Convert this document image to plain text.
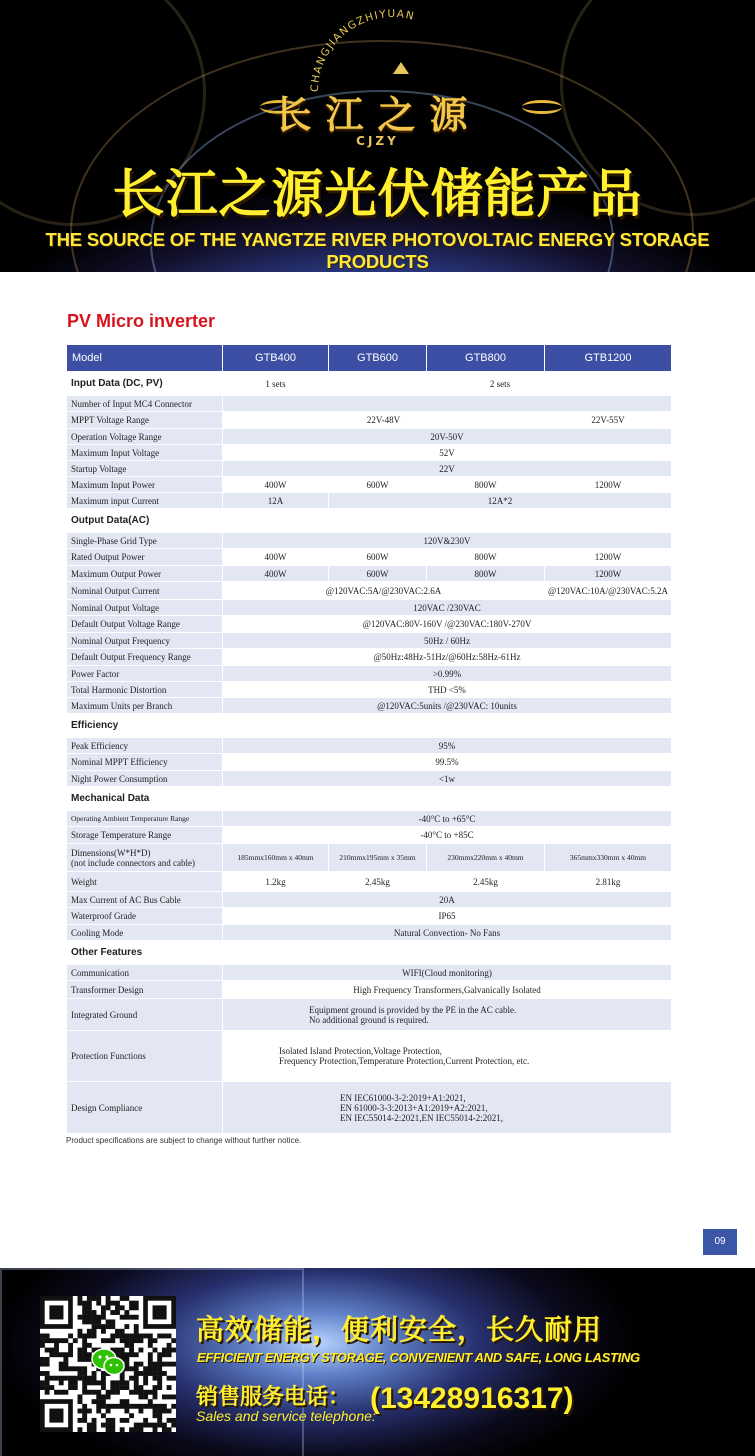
CHANGJIANGZHIYUAN
长江之源
CJZY
长江之源光伏储能产品
THE SOURCE OF THE YANGTZE RIVER PHOTOVOLTAIC ENERGY STORAGE PRODUCTS
PV Micro inverter
Model	GTB400	GTB600	GTB800	GTB1200
Input Data (DC, PV)	1 sets	2 sets		
Number of Input MC4 Connector				
MPPT Voltage Range	22V-48V			22V-55V
Operation Voltage Range	20V-50V			
Maximum Input Voltage	52V			
Startup Voltage	22V			
Maximum Input Power	400W	600W	800W	1200W
Maximum input Current	12A	12A*2		
Output Data(AC)				
Single-Phase Grid Type	120V&230V			
Rated Output Power	400W	600W	800W	1200W
Maximum Output Power	400W	600W	800W	1200W
Nominal Output Current	@120VAC:5A/@230VAC:2.6A			@120VAC:10A/@230VAC:5.2A
Nominal Output Voltage	120VAC /230VAC			
Default Output Voltage Range	@120VAC:80V-160V /@230VAC:180V-270V			
Nominal Output Frequency	50Hz / 60Hz			
Default Output Frequency Range	@50Hz:48Hz-51Hz/@60Hz:58Hz-61Hz			
Power Factor	>0.99%			
Total Harmonic Distortion	THD <5%			
Maximum Units per Branch	@120VAC:5units /@230VAC: 10units			
Efficiency				
Peak Efficiency	95%			
Nominal MPPT Efficiency	99.5%			
Night Power Consumption	<1w			
Mechanical Data				
Operating Ambient Temperature Range	-40°C to +65°C			
Storage Temperature Range	-40°C to +85C			
Dimensions(W*H*D)
(not include connectors and cable)	185mmx160mm x 40mm	210mmx195mm x 35mm	230mmx220mm x 40mm	365mmx330mm x 40mm
Weight	1.2kg	2.45kg	2.45kg	2.81kg
Max Current of AC Bus Cable	20A			
Waterproof Grade	IP65			
Cooling Mode	Natural Convection- No Fans			
Other Features				
Communication	WIFI(Cloud monitoring)			
Transformer Design	High Frequency Transformers,Galvanically Isolated			
Integrated Ground	Equipment ground is provided by the PE in the AC cable.
No additional ground is required.			
Protection Functions	Isolated Island Protection,Voltage Protection,
Frequency Protection,Temperature Protection,Current Protection, etc.			
Design Compliance	EN IEC61000-3-2:2019+A1:2021,
EN 61000-3-3:2013+A1:2019+A2:2021,
EN IEC55014-2:2021,EN IEC55014-2:2021,			
Product specifications are subject to change without further notice.
09
高效储能，便利安全，长久耐用
EFFICIENT ENERGY STORAGE, CONVENIENT AND SAFE, LONG LASTING
销售服务电话：
Sales and service telephone:
(13428916317)
